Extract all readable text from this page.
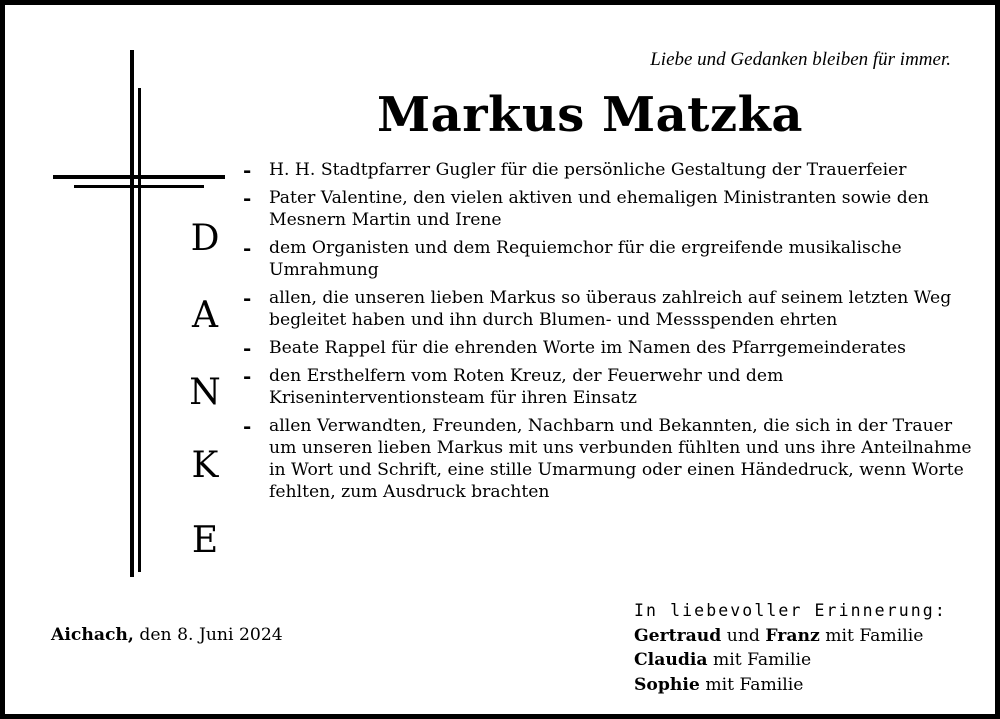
Liebe und Gedanken bleiben für immer.
Markus Matzka
D
A
N
K
E
- H. H. Stadtpfarrer Gugler für die persönliche Gestaltung der Trauerfeier
- Pater Valentine, den vielen aktiven und ehemaligen Ministranten sowie den Mesnern Martin und Irene
- dem Organisten und dem Requiemchor für die ergreifende musikalische Umrahmung
- allen, die unseren lieben Markus so überaus zahlreich auf seinem letzten Weg begleitet haben und ihn durch Blumen- und Messspenden ehrten
- Beate Rappel für die ehrenden Worte im Namen des Pfarrgemeinderates
- den Ersthelfern vom Roten Kreuz, der Feuerwehr und dem Kriseninterventionsteam für ihren Einsatz
- allen Verwandten, Freunden, Nachbarn und Bekannten, die sich in der Trauer um unseren lieben Markus mit uns verbunden fühlten und uns ihre Anteilnahme in Wort und Schrift, eine stille Umarmung oder einen Händedruck, wenn Worte fehlten, zum Ausdruck brachten
Aichach, den 8. Juni 2024
In liebevoller Erinnerung:
Gertraud und Franz mit Familie
Claudia mit Familie
Sophie mit Familie
